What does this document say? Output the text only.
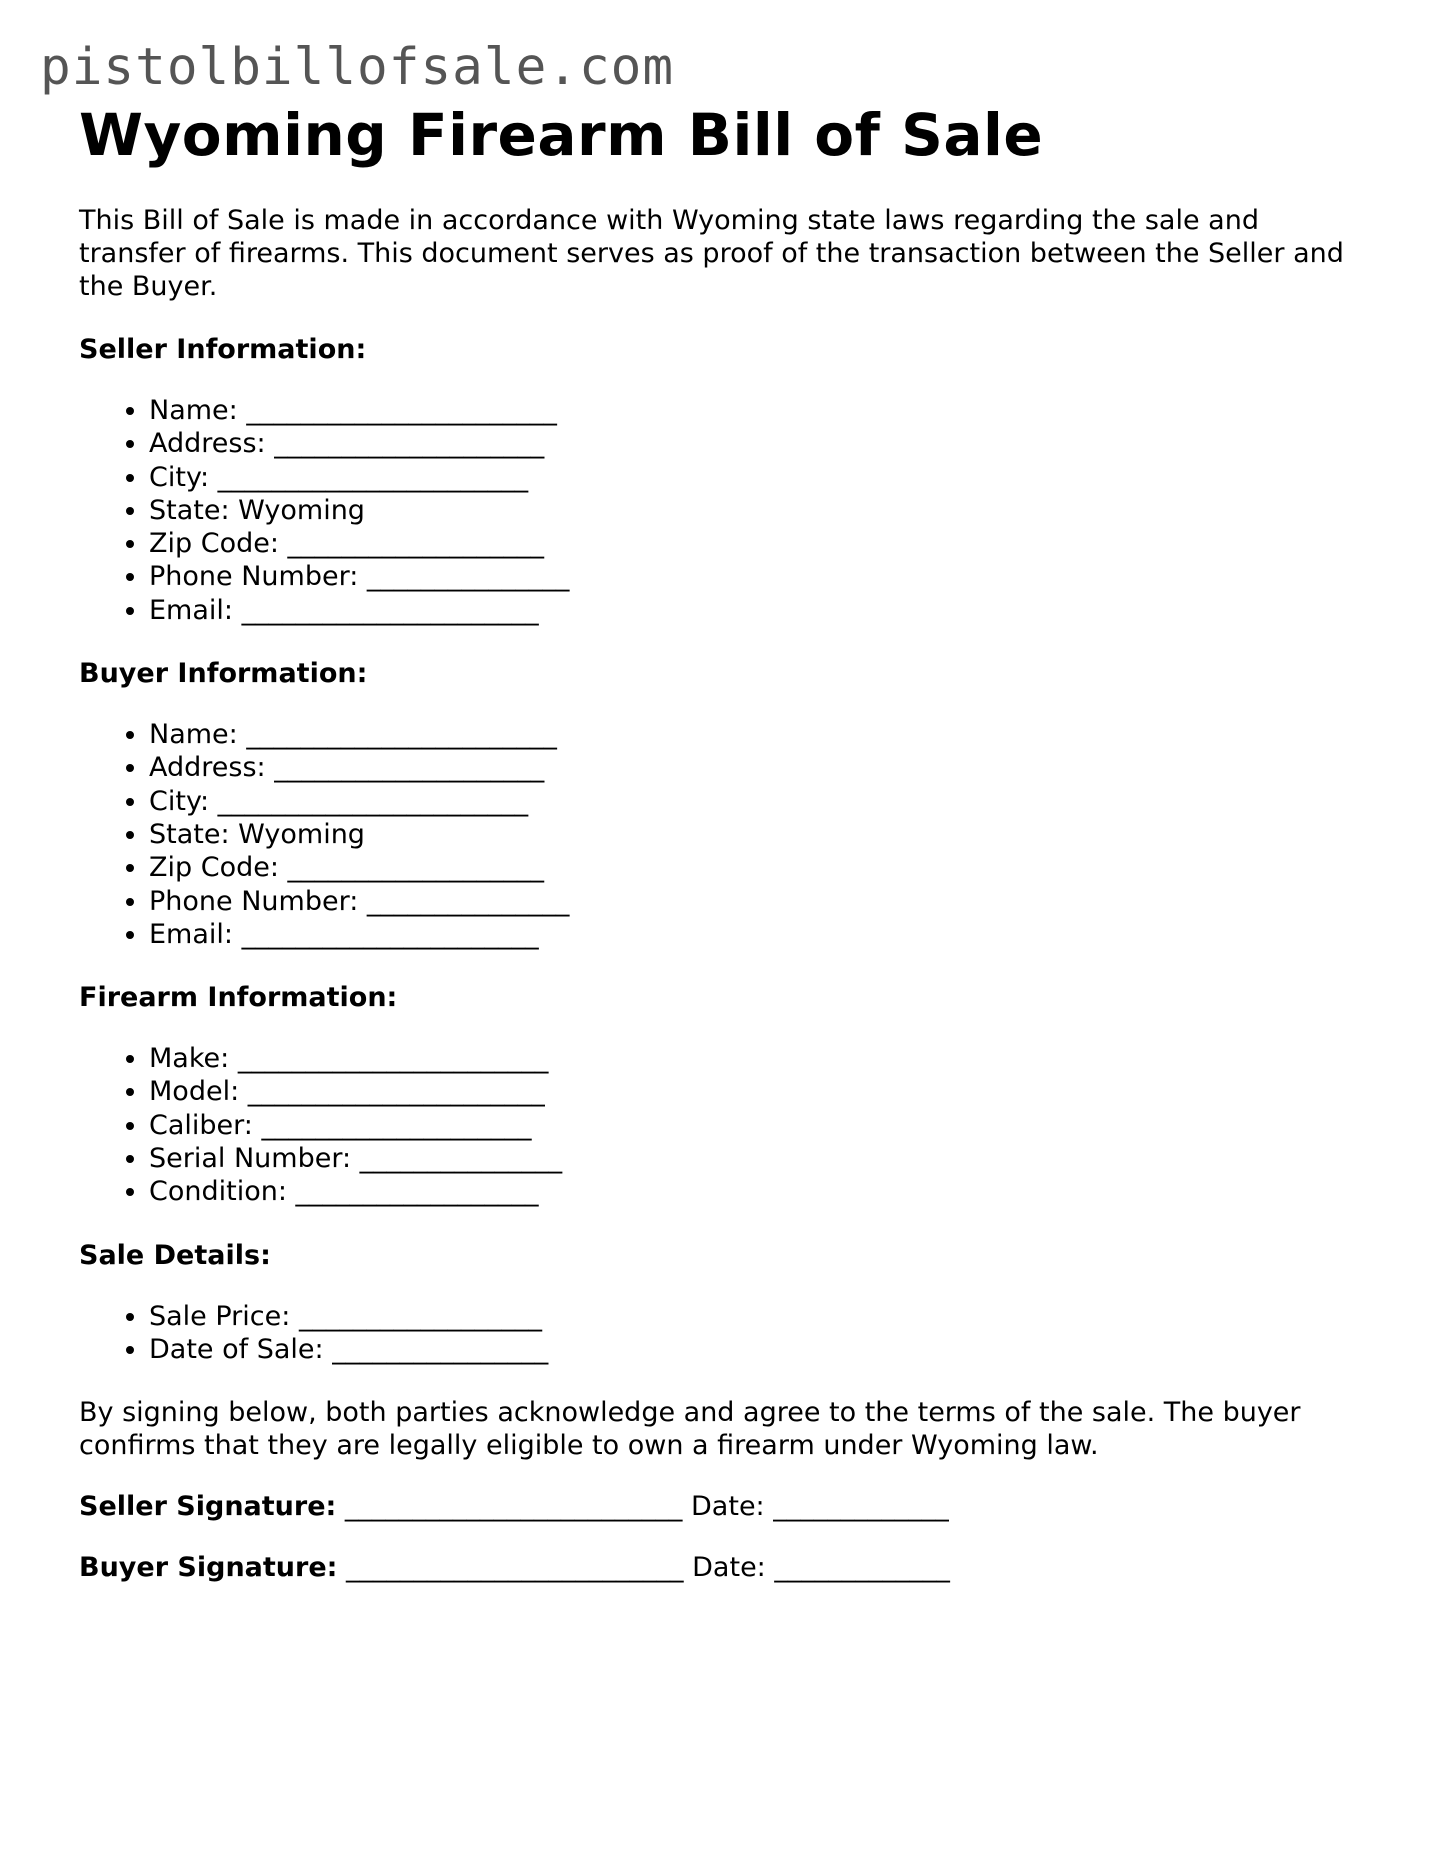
pistolbillofsale.com
Wyoming Firearm Bill of Sale

This Bill of Sale is made in accordance with Wyoming state laws regarding the sale and transfer of firearms. This document serves as proof of the transaction between the Seller and the Buyer.

Seller Information:
• Name: _______________________
• Address: ____________________
• City: _______________________
• State: Wyoming
• Zip Code: ___________________
• Phone Number: _______________
• Email: ______________________
Buyer Information:
• Name: _______________________
• Address: ____________________
• City: _______________________
• State: Wyoming
• Zip Code: ___________________
• Phone Number: _______________
• Email: ______________________
Firearm Information:
• Make: _______________________
• Model: ______________________
• Caliber: ____________________
• Serial Number: _______________
• Condition: __________________
Sale Details:
• Sale Price: __________________
• Date of Sale: ________________

By signing below, both parties acknowledge and agree to the terms of the sale. The buyer confirms that they are legally eligible to own a firearm under Wyoming law.

Seller Signature: _________________________ Date: _____________
Buyer Signature: _________________________ Date: _____________
